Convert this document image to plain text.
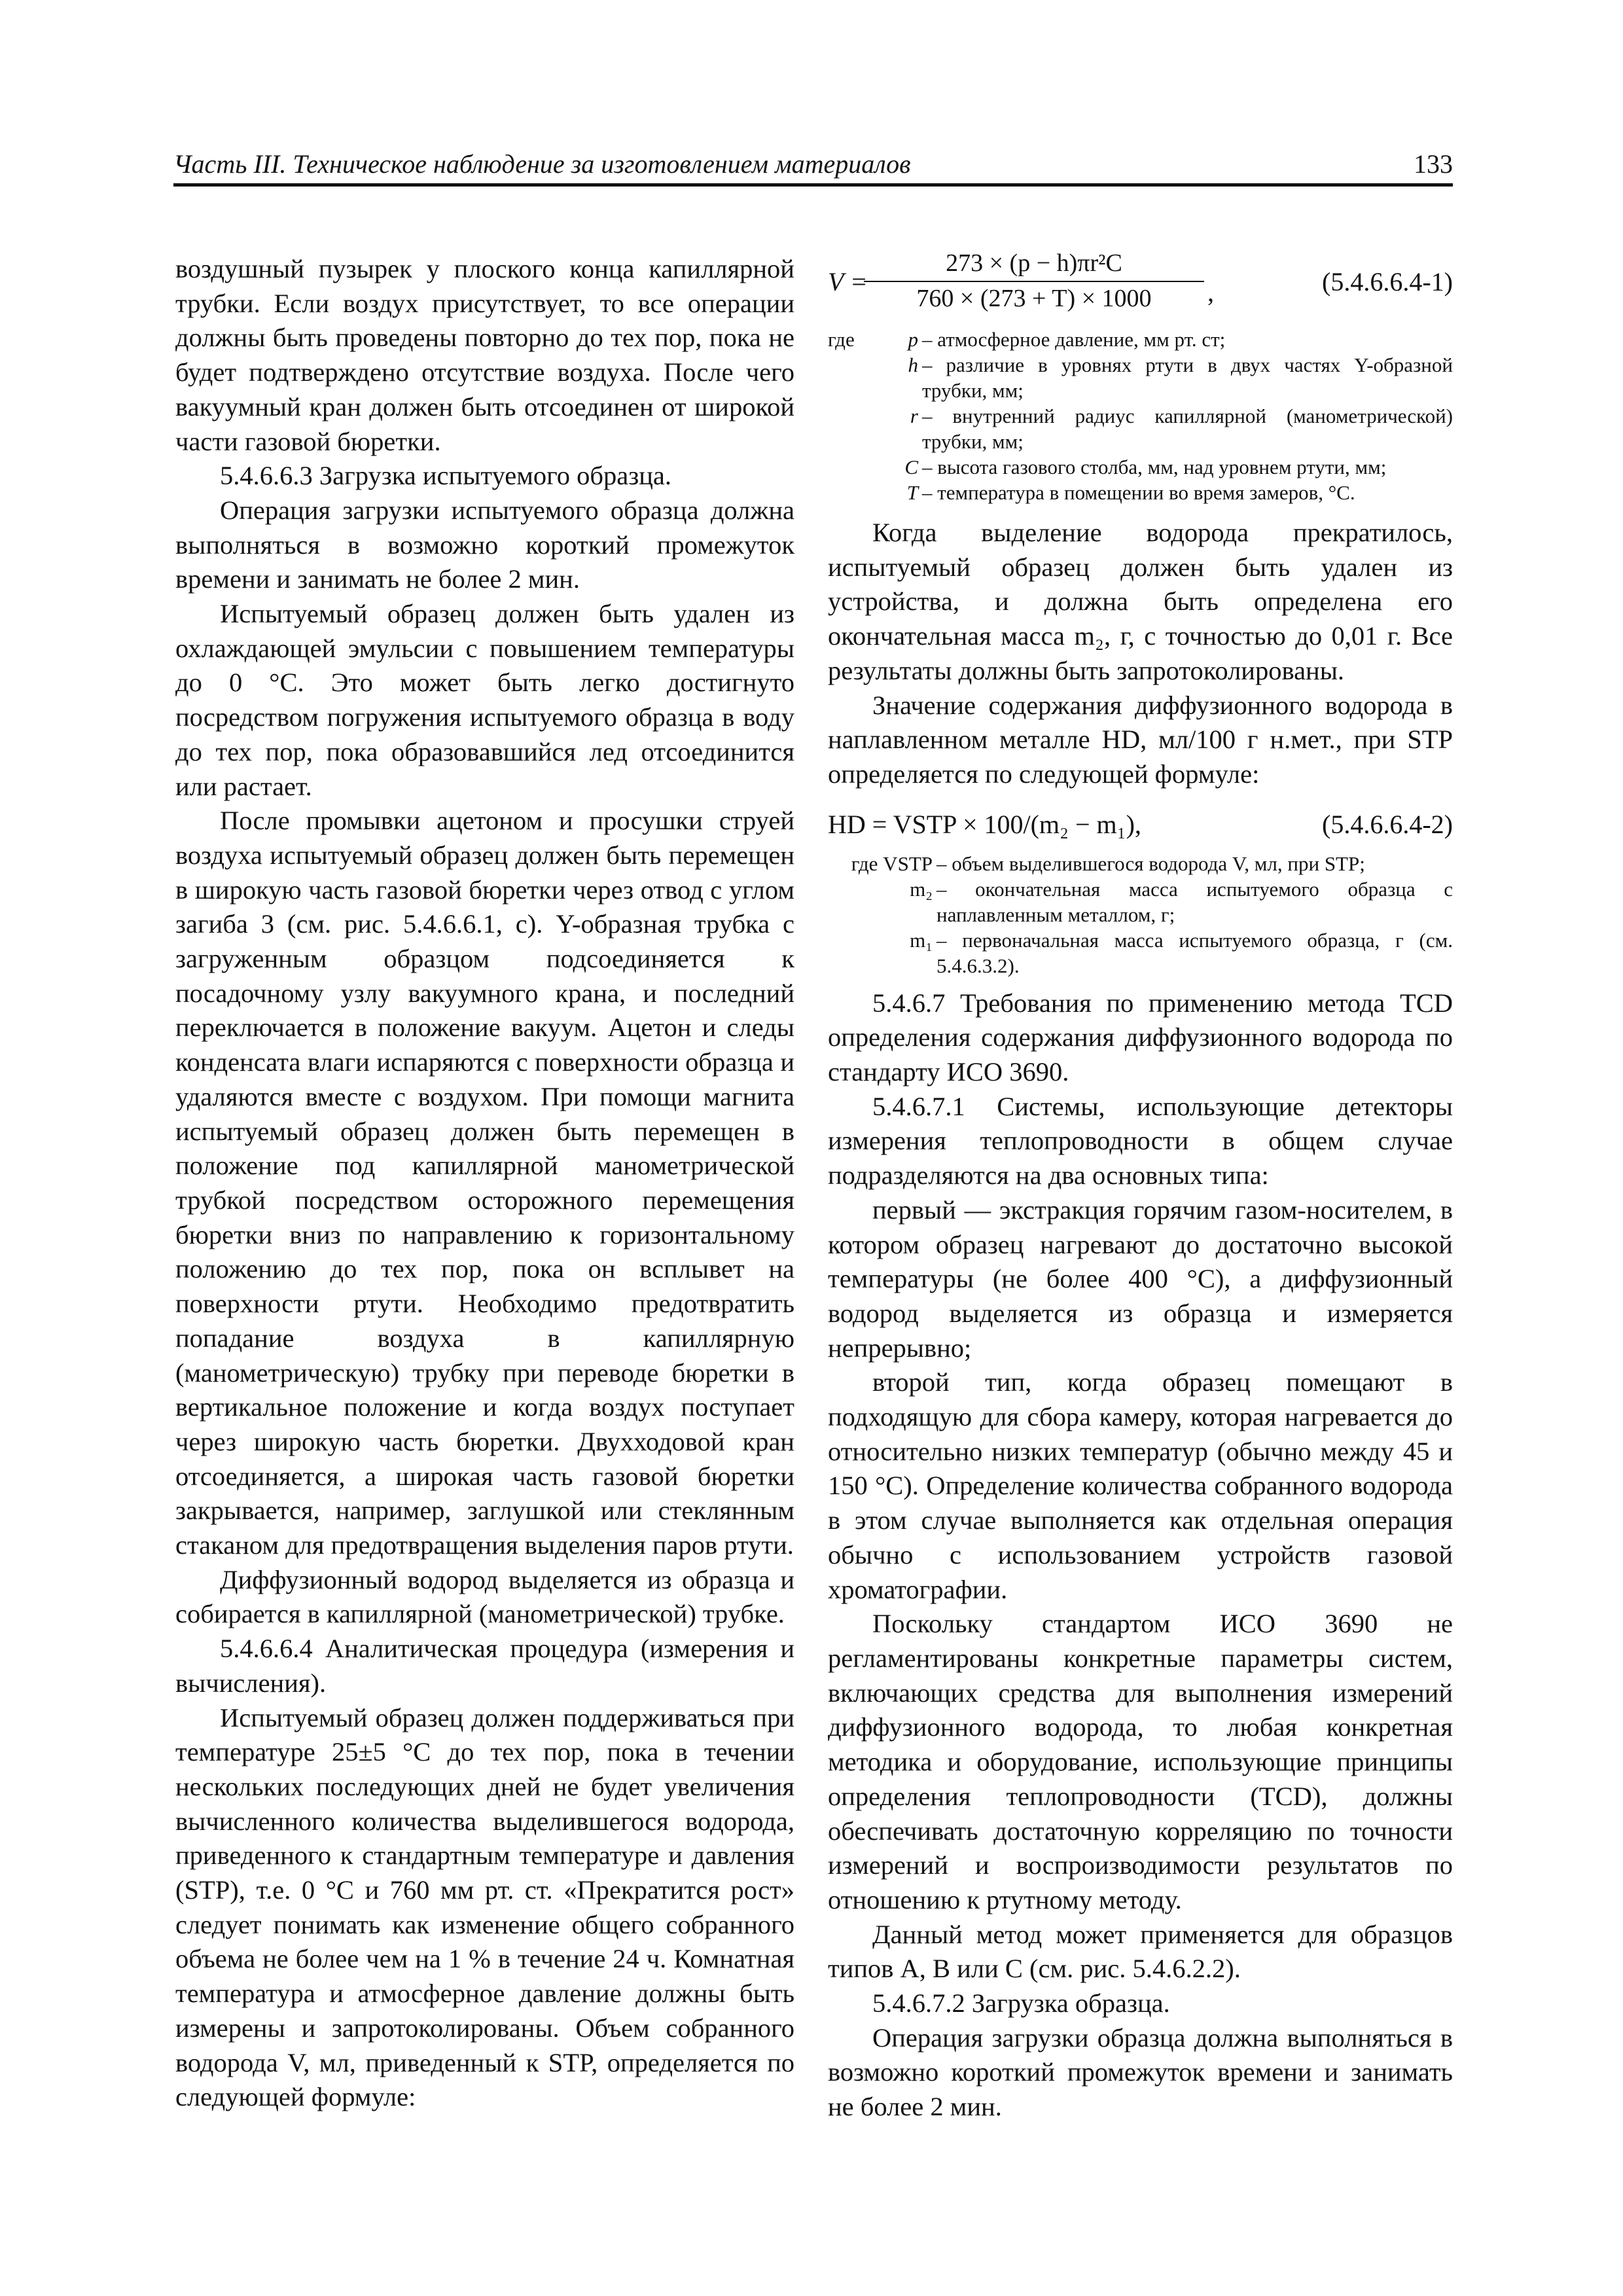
Часть III. Техническое наблюдение за изготовлением материалов	133

воздушный пузырек у плоского конца капиллярной трубки. Если воздух присутствует, то все операции должны быть проведены повторно до тех пор, пока не будет подтверждено отсутствие воздуха. После чего вакуумный кран должен быть отсоединен от широкой части газовой бюретки.

5.4.6.6.3 Загрузка испытуемого образца.

Операция загрузки испытуемого образца должна выполняться в возможно короткий промежуток времени и занимать не более 2 мин.

Испытуемый образец должен быть удален из охлаждающей эмульсии с повышением температуры до 0 °С. Это может быть легко достигнуто посредством погружения испытуемого образца в воду до тех пор, пока образовавшийся лед отсоединится или растает.

После промывки ацетоном и просушки струей воздуха испытуемый образец должен быть перемещен в широкую часть газовой бюретки через отвод с углом загиба 3 (см. рис. 5.4.6.6.1, с). Y-образная трубка с загруженным образцом подсоединяется к посадочному узлу вакуумного крана, и последний переключается в положение вакуум. Ацетон и следы конденсата влаги испаряются с поверхности образца и удаляются вместе с воздухом. При помощи магнита испытуемый образец должен быть перемещен в положение под капиллярной манометрической трубкой посредством осторожного перемещения бюретки вниз по направлению к горизонтальному положению до тех пор, пока он всплывет на поверхности ртути. Необходимо предотвратить попадание воздуха в капиллярную (манометрическую) трубку при переводе бюретки в вертикальное положение и когда воздух поступает через широкую часть бюретки. Двухходовой кран отсоединяется, а широкая часть газовой бюретки закрывается, например, заглушкой или стеклянным стаканом для предотвращения выделения паров ртути.

Диффузионный водород выделяется из образца и собирается в капиллярной (манометрической) трубке.

5.4.6.6.4 Аналитическая процедура (измерения и вычисления).

Испытуемый образец должен поддерживаться при температуре 25±5 °С до тех пор, пока в течении нескольких последующих дней не будет увеличения вычисленного количества выделившегося водорода, приведенного к стандартным температуре и давления (STP), т.е. 0 °С и 760 мм рт. ст. «Прекратится рост» следует понимать как изменение общего собранного объема не более чем на 1 % в течение 24 ч. Комнатная температура и атмосферное давление должны быть измерены и запротоколированы. Объем собранного водорода V, мл, приведенный к STP, определяется по следующей формуле:

V =
$\frac{\text{273 × (p − h)πr²C}}{760 \times (273 + T) \times 1000}$ ,	(5.4.6.6.4-1)
где	p – атмосферное давление, мм рт. ст;
h – различие в уровнях ртути в двух частях Y-образной трубки, мм;
r – внутренний радиус капиллярной (манометрической) трубки, мм;
C – высота газового столба, мм, над уровнем ртути, мм;
T – температура в помещении во время замеров, °С.

Когда выделение водорода прекратилось, испытуемый образец должен быть удален из устройства, и должна быть определена его окончательная масса m₂, г, с точностью до 0,01 г. Все результаты должны быть запротоколированы.

Значение содержания диффузионного водорода в наплавленном металле HD, мл/100 г н.мет., при STP определяется по следующей формуле:

HD = VSTP × 100/(m₂ − m₁),	(5.4.6.6.4-2)
где VSTP – объем выделившегося водорода V, мл, при STP;
m₂ – окончательная масса испытуемого образца с наплавленным металлом, г;
m₁ – первоначальная масса испытуемого образца, г (см. 5.4.6.3.2).

5.4.6.7 Требования по применению метода TCD определения содержания диффузионного водорода по стандарту ИСО 3690.

5.4.6.7.1 Системы, использующие детекторы измерения теплопроводности в общем случае подразделяются на два основных типа:

первый — экстракция горячим газом-носителем, в котором образец нагревают до достаточно высокой температуры (не более 400 °С), а диффузионный водород выделяется из образца и измеряется непрерывно;

второй тип, когда образец помещают в подходящую для сбора камеру, которая нагревается до относительно низких температур (обычно между 45 и 150 °С). Определение количества собранного водорода в этом случае выполняется как отдельная операция обычно с использованием устройств газовой хроматографии.

Поскольку стандартом ИСО 3690 не регламентированы конкретные параметры систем, включающих средства для выполнения измерений диффузионного водорода, то любая конкретная методика и оборудование, использующие принципы определения теплопроводности (TCD), должны обеспечивать достаточную корреляцию по точности измерений и воспроизводимости результатов по отношению к ртутному методу.

Данный метод может применяется для образцов типов А, В или С (см. рис. 5.4.6.2.2).

5.4.6.7.2 Загрузка образца.

Операция загрузки образца должна выполняться в возможно короткий промежуток времени и занимать не более 2 мин.
